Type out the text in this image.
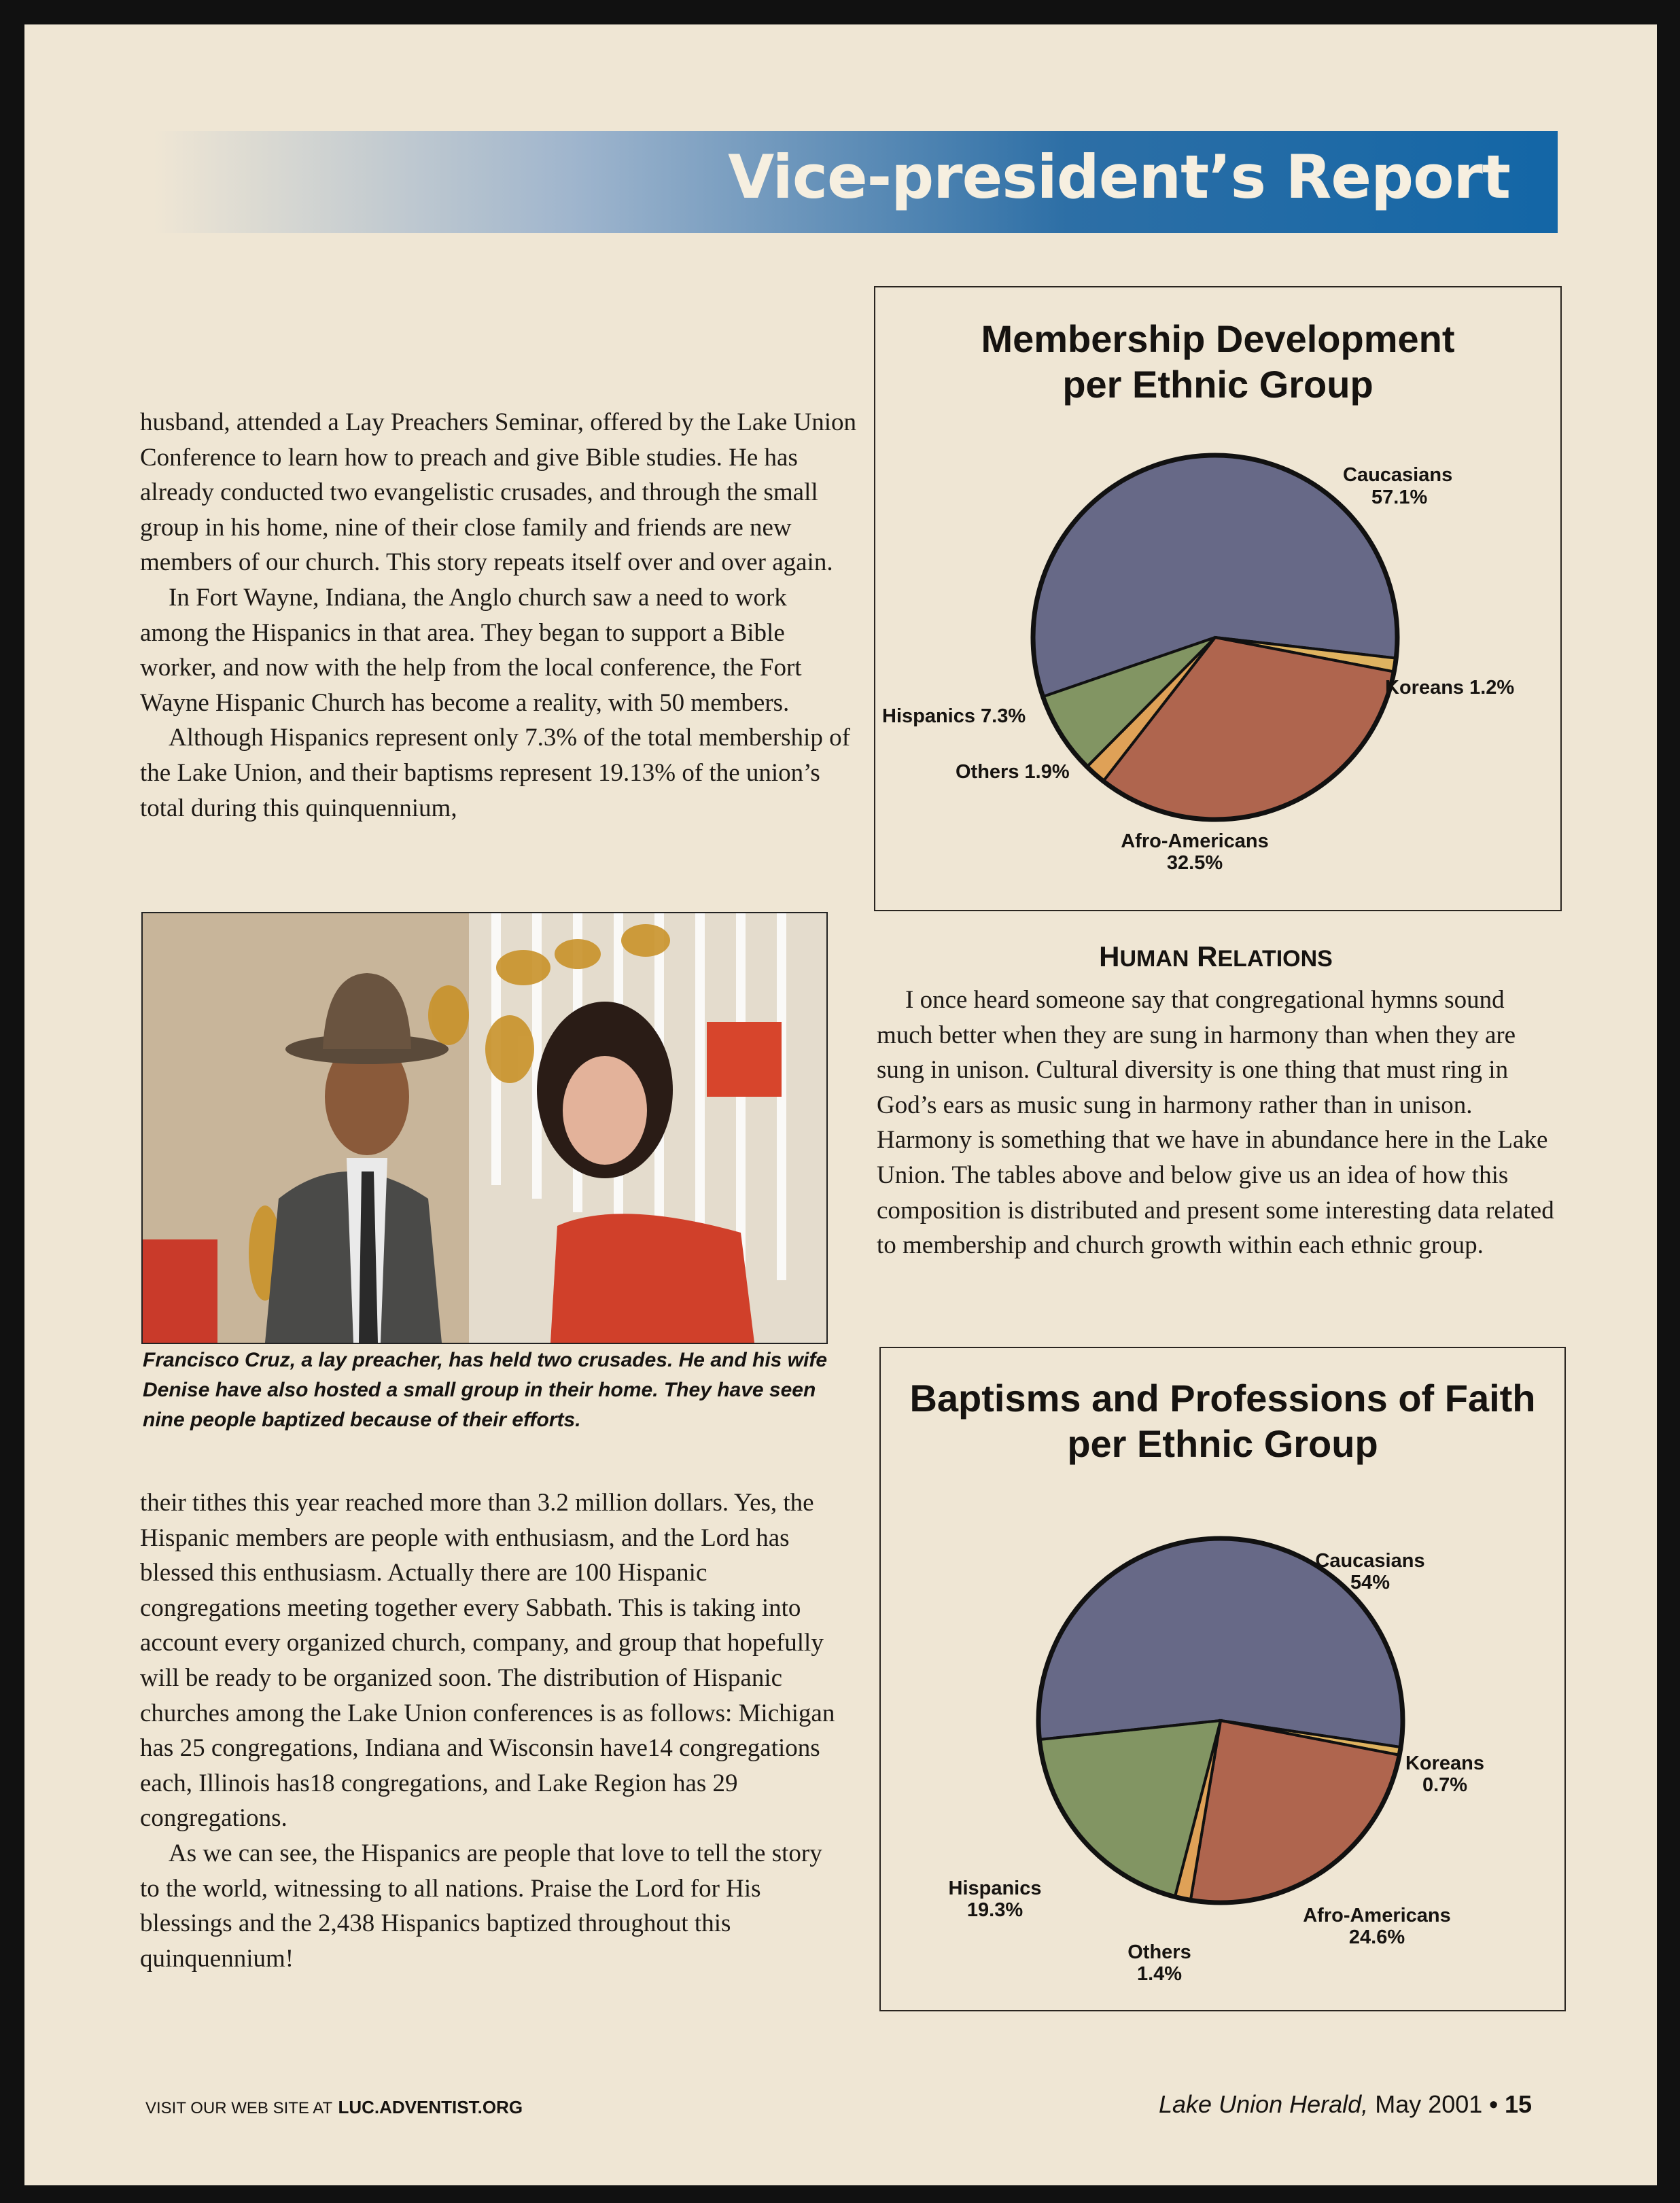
Vice-president’s Report

husband, attended a Lay Preachers Seminar, offered by the Lake Union Conference to learn how to preach and give Bible studies. He has already conducted two evangelistic crusades, and through the small group in his home, nine of their close family and friends are new members of our church. This story repeats itself over and over again.

In Fort Wayne, Indiana, the Anglo church saw a need to work among the Hispanics in that area. They began to support a Bible worker, and now with the help from the local conference, the Fort Wayne Hispanic Church has become a reality, with 50 members.

Although Hispanics represent only 7.3% of the total membership of the Lake Union, and their baptisms represent 19.13% of the union’s total during this quinquennium,

Francisco Cruz, a lay preacher, has held two crusades. He and his wife Denise have also hosted a small group in their home. They have seen nine people baptized because of their efforts.

their tithes this year reached more than 3.2 million dollars. Yes, the Hispanic members are people with enthusiasm, and the Lord has blessed this enthusiasm. Actually there are 100 Hispanic congregations meeting together every Sabbath. This is taking into account every organized church, company, and group that hopefully will be ready to be organized soon. The distribution of Hispanic churches among the Lake Union conferences is as follows: Michigan has 25 congregations, Indiana and Wisconsin have14 congregations each, Illinois has18 congregations, and Lake Region has 29 congregations.

As we can see, the Hispanics are people that love to tell the story to the world, witnessing to all nations. Praise the Lord for His blessings and the 2,438 Hispanics baptized throughout this quinquennium!

Membership Development
per Ethnic Group
Caucasians
57.1%
Koreans 1.2%
Hispanics 7.3%
Others 1.9%
Afro-Americans
32.5%
HUMAN RELATIONS

I once heard someone say that congregational hymns sound much better when they are sung in harmony than when they are sung in unison. Cultural diversity is one thing that must ring in God’s ears as music sung in harmony rather than in unison. Harmony is something that we have in abundance here in the Lake Union. The tables above and below give us an idea of how this composition is distributed and present some interesting data related to membership and church growth within each ethnic group.

Baptisms and Professions of Faith
per Ethnic Group
Caucasians
54%
Koreans
0.7%
Hispanics
19.3%
Others
1.4%
Afro-Americans
24.6%
VISIT OUR WEB SITE AT LUC.ADVENTIST.ORG	Lake Union Herald, May 2001 • 15
